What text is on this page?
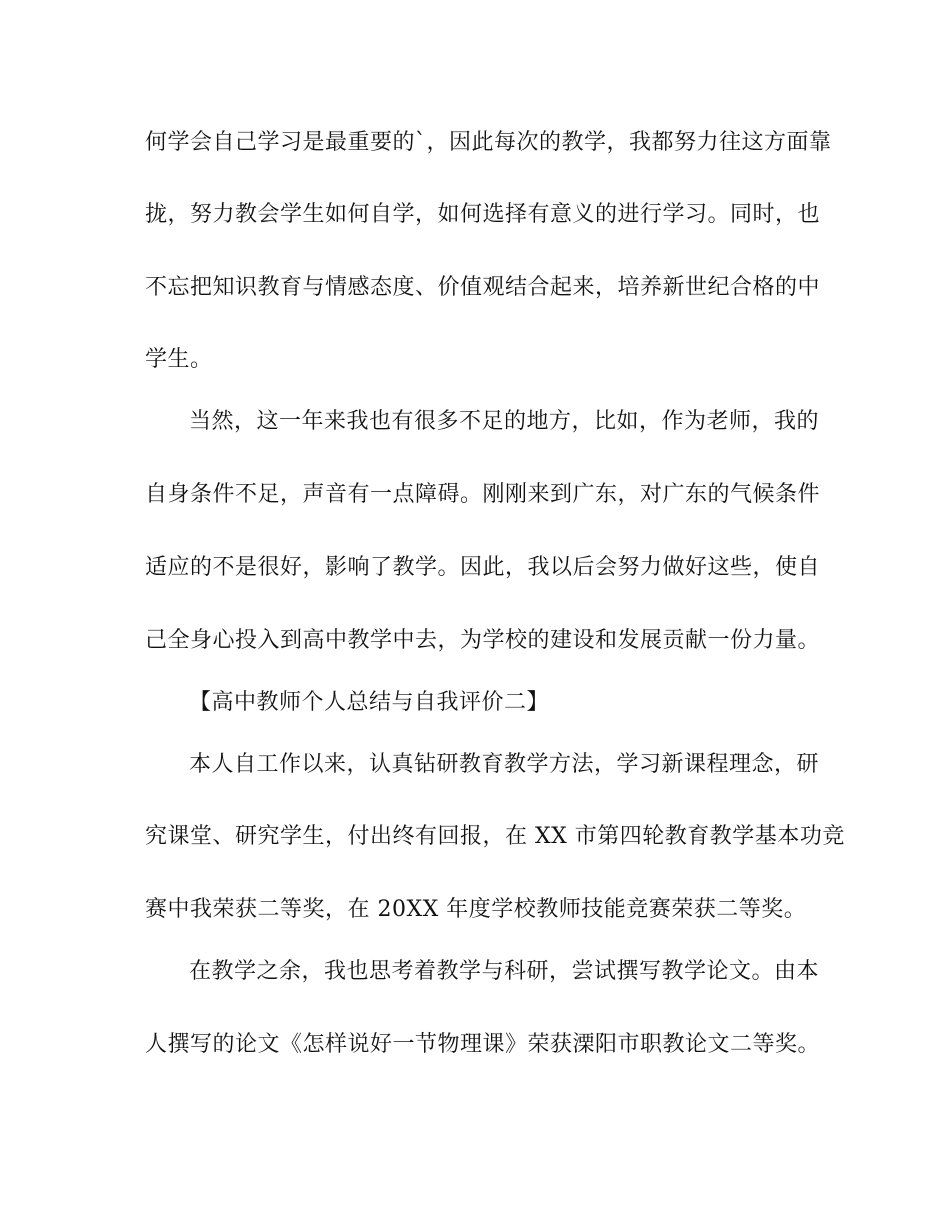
何学会自己学习是最重要的`，因此每次的教学，我都努力往这方面靠
拢，努力教会学生如何自学，如何选择有意义的进行学习。同时，也
不忘把知识教育与情感态度、价值观结合起来，培养新世纪合格的中
学生。
当然，这一年来我也有很多不足的地方，比如，作为老师，我的
自身条件不足，声音有一点障碍。刚刚来到广东，对广东的气候条件
适应的不是很好，影响了教学。因此，我以后会努力做好这些，使自
己全身心投入到高中教学中去，为学校的建设和发展贡献一份力量。
【高中教师个人总结与自我评价二】
本人自工作以来，认真钻研教育教学方法，学习新课程理念，研
究课堂、研究学生，付出终有回报，在 XX 市第四轮教育教学基本功竞
赛中我荣获二等奖，在 20XX 年度学校教师技能竞赛荣获二等奖。
在教学之余，我也思考着教学与科研，尝试撰写教学论文。由本
人撰写的论文《怎样说好一节物理课》荣获溧阳市职教论文二等奖。
